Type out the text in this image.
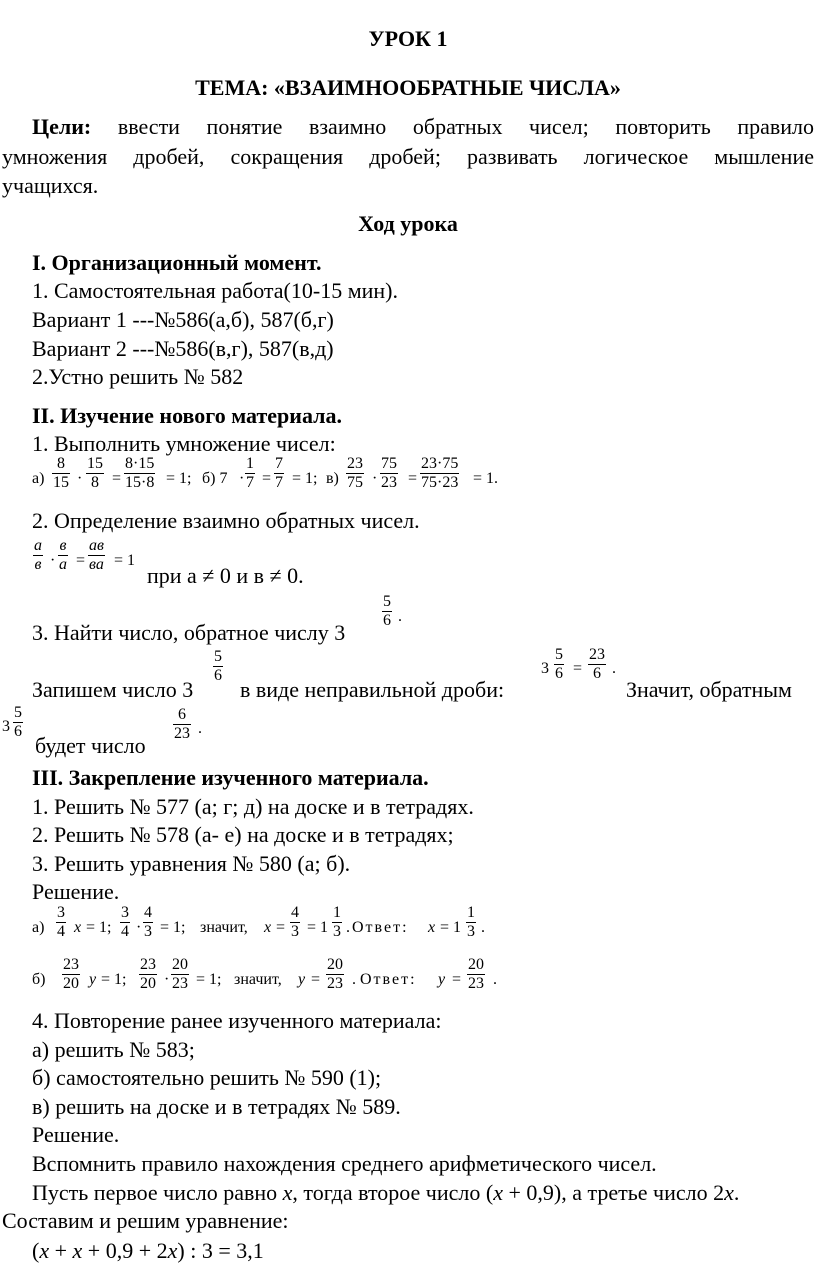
УРОК 1
ТЕМА: «ВЗАИМНООБРАТНЫЕ ЧИСЛА»
Цели: ввести понятие взаимно обратных чисел; повторить правило
умножения дробей, сокращения дробей; развивать логическое мышление
учащихся.
Ход урока
I. Организационный момент.
1. Самостоятельная работа(10-15 мин).
Вариант 1 ---№586(а,б), 587(б,г)
Вариант 2 ---№586(в,г), 587(в,д)
2.Устно решить № 582
II. Изучение нового материала.
1. Выполнить умножение чисел:
а)
8
15 ·
15
8 =
8·15
15·8 = 1; б) 7 ·
1
7 =
7
7 = 1; в)
23
75 ·
75
23 =
23·75
75·23 = 1.
2. Определение взаимно обратных чисел.
а
в ·
в
а =
ав
ва = 1
при а ≠ 0 и в ≠ 0.
3. Найти число, обратное числу 3
5
6 .
Запишем число 3
5
6
в виде неправильной дроби:
3
5
6 =
23
6 .
Значит, обратным
3
5
6
будет число
6
23 .
III. Закрепление изученного материала.
1. Решить № 577 (а; г; д) на доске и в тетрадях.
2. Решить № 578 (а- е) на доске и в тетрадях;
3. Решить уравнения № 580 (а; б).
Решение.
а)
3
4 x = 1;
3
4 ·
4
3 = 1; значит, x =
4
3 = 1
1
3 . Ответ: x = 1
1
3 .
б)
23
20 y = 1;
23
20 ·
20
23 = 1; значит, y =
20
23 . Ответ: y =
20
23 .
4. Повторение ранее изученного материала:
а) решить № 583;
б) самостоятельно решить № 590 (1);
в) решить на доске и в тетрадях № 589.
Решение.
Вспомнить правило нахождения среднего арифметического чисел.
Пусть первое число равно x, тогда второе число (x + 0,9), а третье число 2x.
Составим и решим уравнение:
(x + x + 0,9 + 2x) : 3 = 3,1
